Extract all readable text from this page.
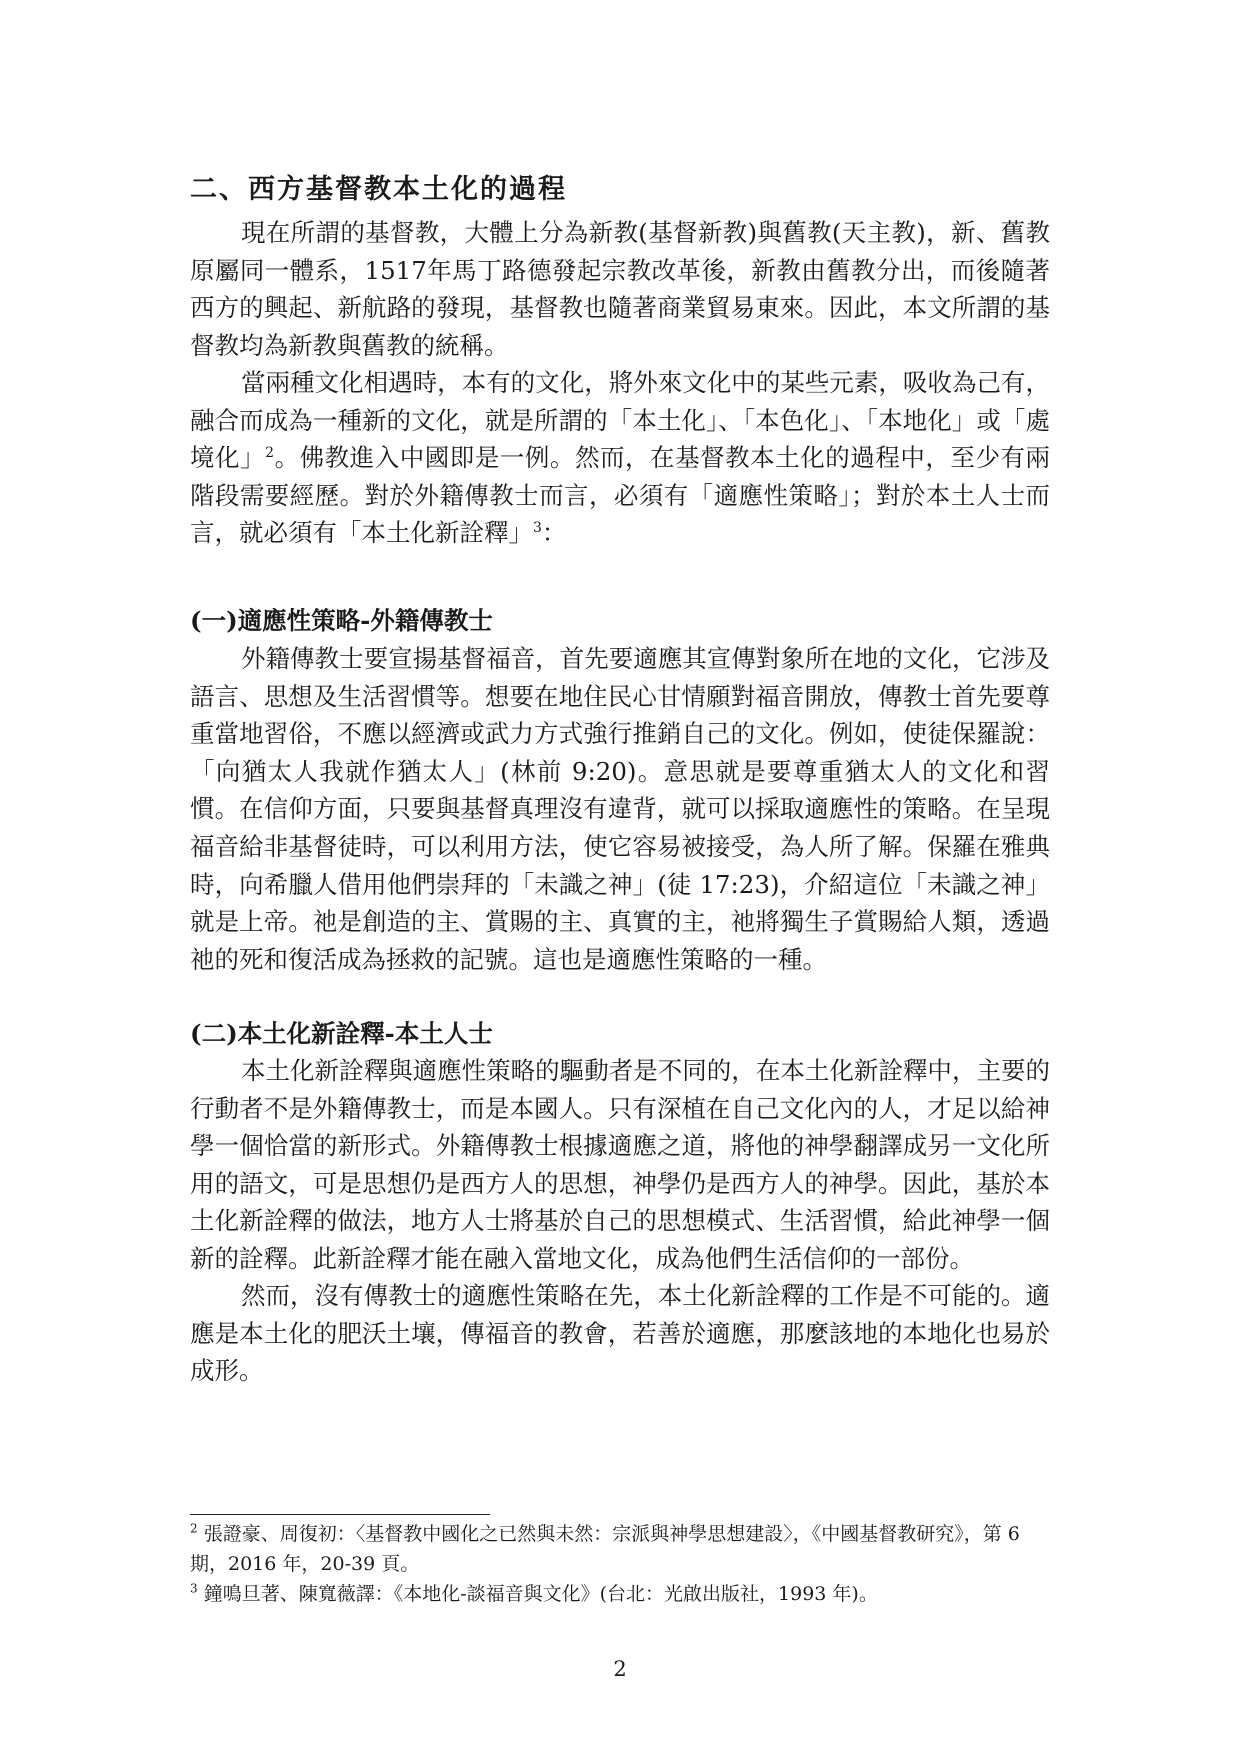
二、西方基督教本土化的過程

現在所謂的基督教，大體上分為新教(基督新教)與舊教(天主教)，新、舊教原屬同一體系，1517年馬丁路德發起宗教改革後，新教由舊教分出，而後隨著西方的興起、新航路的發現，基督教也隨著商業貿易東來。因此，本文所謂的基督教均為新教與舊教的統稱。

當兩種文化相遇時，本有的文化，將外來文化中的某些元素，吸收為己有，融合而成為一種新的文化，就是所謂的「本土化」、「本色化」、「本地化」或「處境化」$^2$。佛教進入中國即是一例。然而，在基督教本土化的過程中，至少有兩階段需要經歷。對於外籍傳教士而言，必須有「適應性策略」；對於本土人士而言，就必須有「本土化新詮釋」$^3$：

(一)適應性策略-外籍傳教士

外籍傳教士要宣揚基督福音，首先要適應其宣傳對象所在地的文化，它涉及語言、思想及生活習慣等。想要在地住民心甘情願對福音開放，傳教士首先要尊重當地習俗，不應以經濟或武力方式強行推銷自己的文化。例如，使徒保羅說：「向猶太人我就作猶太人」(林前 9:20)。意思就是要尊重猶太人的文化和習慣。在信仰方面，只要與基督真理沒有違背，就可以採取適應性的策略。在呈現福音給非基督徒時，可以利用方法，使它容易被接受，為人所了解。保羅在雅典時，向希臘人借用他們崇拜的「未識之神」(徒 17:23)，介紹這位「未識之神」就是上帝。祂是創造的主、賞賜的主、真實的主，祂將獨生子賞賜給人類，透過祂的死和復活成為拯救的記號。這也是適應性策略的一種。

(二)本土化新詮釋-本土人士

本土化新詮釋與適應性策略的驅動者是不同的，在本土化新詮釋中，主要的行動者不是外籍傳教士，而是本國人。只有深植在自己文化內的人，才足以給神學一個恰當的新形式。外籍傳教士根據適應之道，將他的神學翻譯成另一文化所用的語文，可是思想仍是西方人的思想，神學仍是西方人的神學。因此，基於本土化新詮釋的做法，地方人士將基於自己的思想模式、生活習慣，給此神學一個新的詮釋。此新詮釋才能在融入當地文化，成為他們生活信仰的一部份。

然而，沒有傳教士的適應性策略在先，本土化新詮釋的工作是不可能的。適應是本土化的肥沃土壤，傳福音的教會，若善於適應，那麼該地的本地化也易於成形。

$^2$ 張證豪、周復初：〈基督教中國化之已然與未然：宗派與神學思想建設〉，《中國基督教研究》，第 6 期，2016 年，20-39 頁。

$^3$ 鐘鳴旦著、陳寬薇譯：《本地化-談福音與文化》(台北：光啟出版社，1993 年)。

2
